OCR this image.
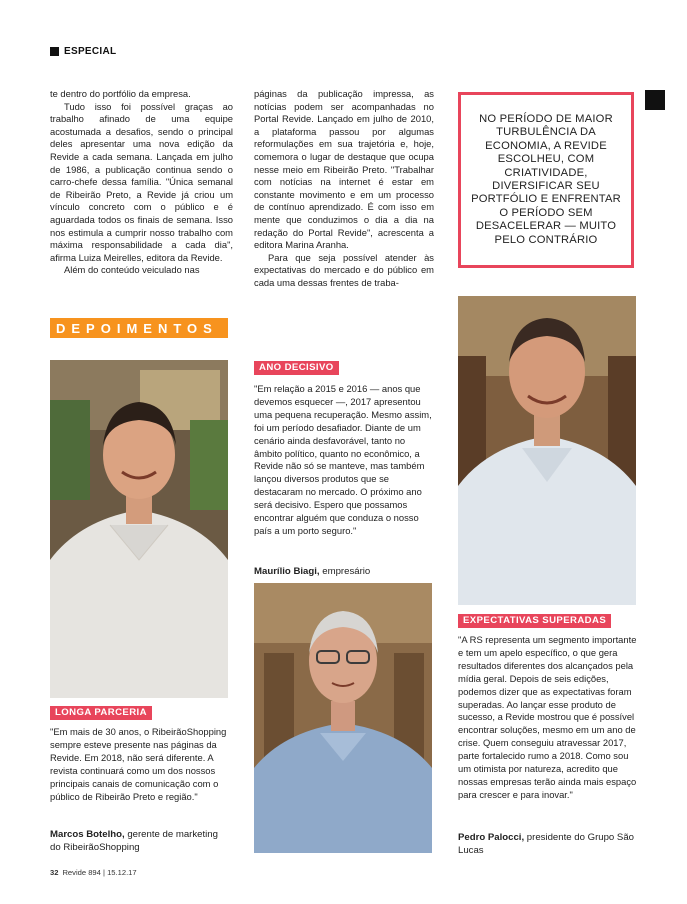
ESPECIAL

te dentro do portfólio da empresa.

Tudo isso foi possível graças ao trabalho afinado de uma equipe acostumada a desafios, sendo o principal deles apresentar uma nova edição da Revide a cada semana. Lançada em julho de 1986, a publicação continua sendo o carro-chefe dessa família. "Única semanal de Ribeirão Preto, a Revide já criou um vínculo concreto com o público e é aguardada todos os finais de semana. Isso nos estimula a cumprir nosso trabalho com máxima responsabilidade a cada dia", afirma Luiza Meirelles, editora da Revide.

Além do conteúdo veiculado nas

páginas da publicação impressa, as notícias podem ser acompanhadas no Portal Revide. Lançado em julho de 2010, a plataforma passou por algumas reformulações em sua trajetória e, hoje, comemora o lugar de destaque que ocupa nesse meio em Ribeirão Preto. "Trabalhar com notícias na internet é estar em constante movimento e em um processo de contínuo aprendizado. É com isso em mente que conduzimos o dia a dia na redação do Portal Revide", acrescenta a editora Marina Aranha.

Para que seja possível atender às expectativas do mercado e do público em cada uma dessas frentes de traba-

NO PERÍODO DE MAIOR TURBULÊNCIA DA ECONOMIA, A REVIDE ESCOLHEU, COM CRIATIVIDADE, DIVERSIFICAR SEU PORTFÓLIO E ENFRENTAR O PERÍODO SEM DESACELERAR — MUITO PELO CONTRÁRIO
DEPOIMENTOS
LONGA PARCERIA
ANO DECISIVO
EXPECTATIVAS SUPERADAS
"Em mais de 30 anos, o RibeirãoShopping sempre esteve presente nas páginas da Revide. Em 2018, não será diferente. A revista continuará como um dos nossos principais canais de comunicação com o público de Ribeirão Preto e região."
"Em relação a 2015 e 2016 — anos que devemos esquecer —, 2017 apresentou uma pequena recuperação. Mesmo assim, foi um período desafiador. Diante de um cenário ainda desfavorável, tanto no âmbito político, quanto no econômico, a Revide não só se manteve, mas também lançou diversos produtos que se destacaram no mercado. O próximo ano será decisivo. Espero que possamos encontrar alguém que conduza o nosso país a um porto seguro."
"A RS representa um segmento importante e tem um apelo específico, o que gera resultados diferentes dos alcançados pela mídia geral. Depois de seis edições, podemos dizer que as expectativas foram superadas. Ao lançar esse produto de sucesso, a Revide mostrou que é possível encontrar soluções, mesmo em um ano de crise. Quem conseguiu atravessar 2017, parte fortalecido rumo a 2018. Como sou um otimista por natureza, acredito que nossas empresas terão ainda mais espaço para crescer e para inovar."
Marcos Botelho, gerente de marketing do RibeirãoShopping
Maurílio Biagi, empresário
Pedro Palocci, presidente do Grupo São Lucas
32 Revide 894 | 15.12.17
